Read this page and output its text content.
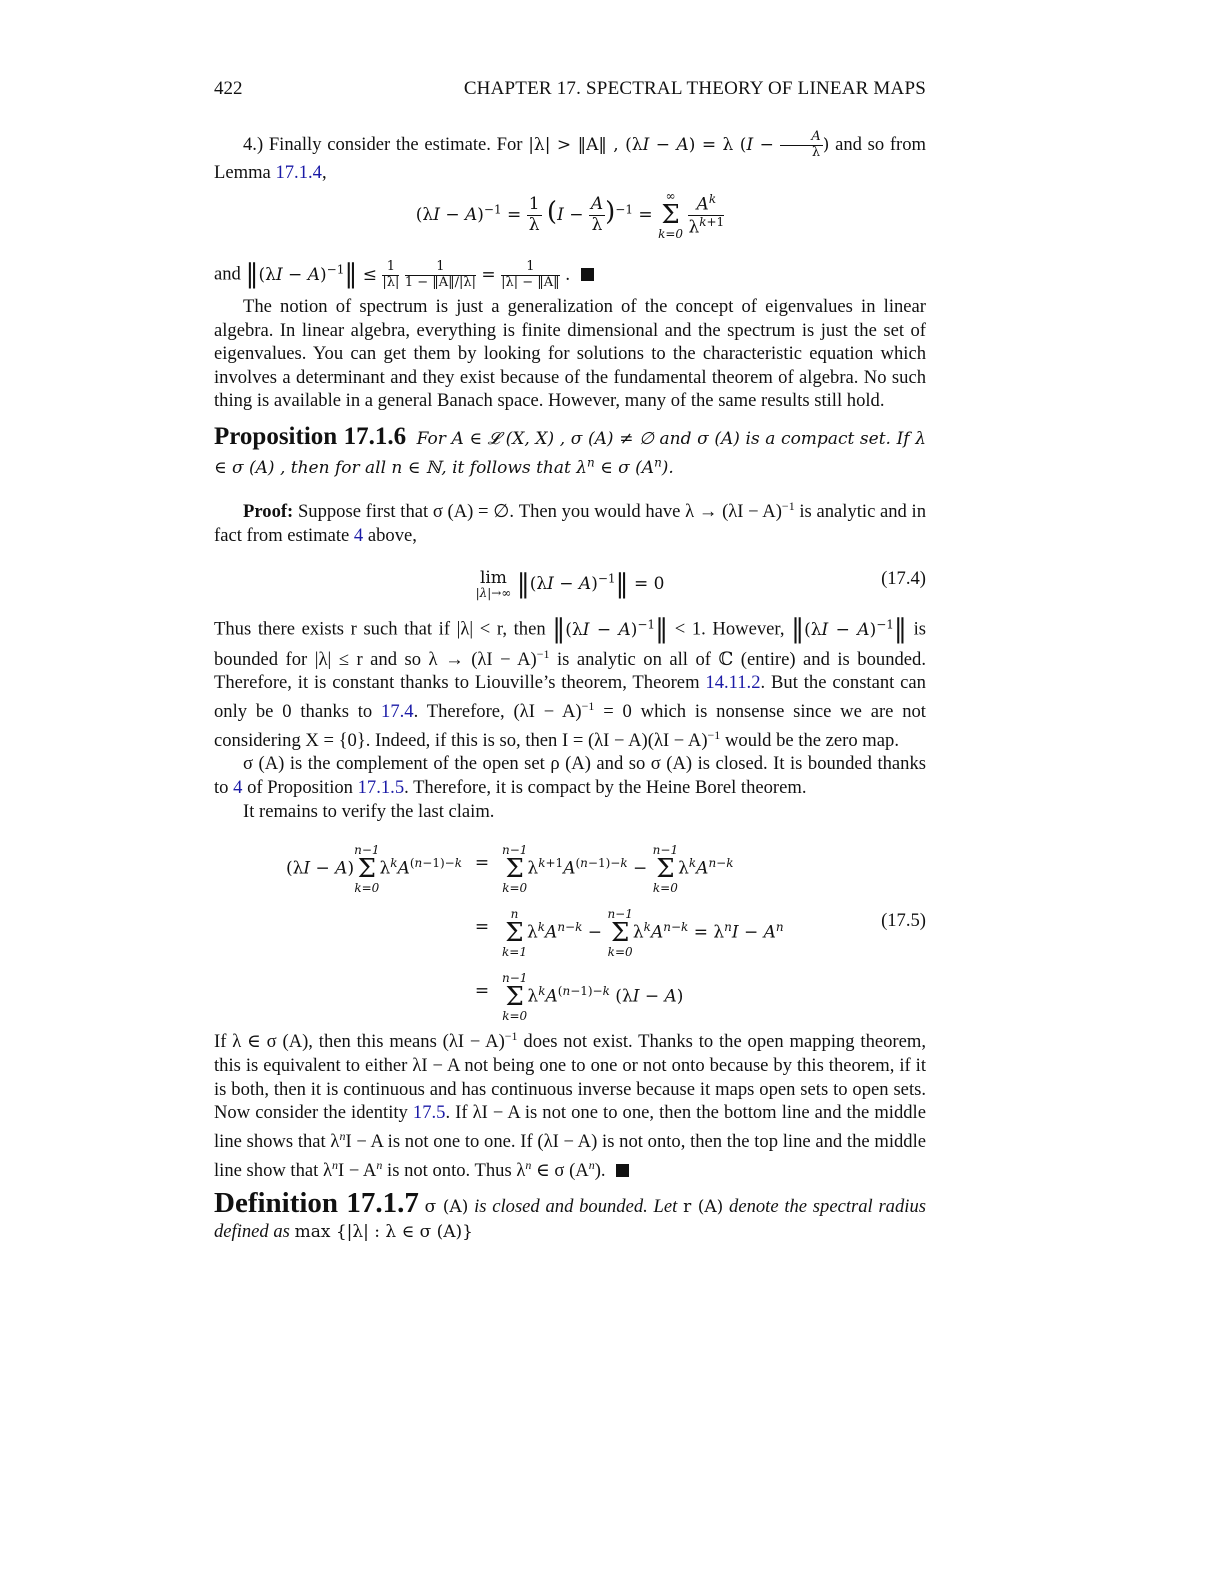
422	CHAPTER 17. SPECTRAL THEORY OF LINEAR MAPS

4.) Finally consider the estimate. For |λ| > ‖A‖ , (λI − A) = λ ($I - \frac{A}{\lambda}$ ) and so from Lemma 17.1.4,

$(\lambda I - A)^{-1} = \frac{1}{\lambda} (I - \frac{A}{\lambda} )^{-1}$ =
∞
Σ
k=0
$\frac{A^k}{\lambda^{k+1}}$

and ‖(λI − A)$^{-1}$‖ ≤ $\frac{1}{|\lambda|}$
$\frac{1}{1 - ‖A‖/|\lambda|} = \frac{1}{|\lambda| - ‖A‖}$ .

The notion of spectrum is just a generalization of the concept of eigenvalues in linear algebra. In linear algebra, everything is finite dimensional and the spectrum is just the set of eigenvalues. You can get them by looking for solutions to the characteristic equation which involves a determinant and they exist because of the fundamental theorem of algebra. No such thing is available in a general Banach space. However, many of the same results still hold.

Proposition 17.1.6  For A ∈ 𝓛 (X, X) , σ (A) ≠ ∅ and σ (A) is a compact set. If λ ∈ σ (A) , then for all n ∈ ℕ, it follows that $\lambda^n$ ∈ σ $(A^n)$.

Proof: Suppose first that σ (A) = ∅. Then you would have $\lambda \to (\lambda I - A)^{-1}$ is analytic and in fact from estimate 4 above,

lim
|λ|→∞ ‖(λI − A)$^{-1}$‖ = 0	(17.4)

Thus there exists r such that if |λ| < r, then ‖(λI − A)$^{-1}$‖ < 1. However, ‖(λI − A)$^{-1}$‖ is bounded for |λ| ≤ r and so $\lambda \to (\lambda I - A)^{-1}$ is analytic on all of ℂ (entire) and is bounded. Therefore, it is constant thanks to Liouville’s theorem, Theorem 14.11.2. But the constant can only be 0 thanks to 17.4. Therefore, $(\lambda I - A)^{-1} = 0$ which is nonsense since we are not considering X = {0}. Indeed, if this is so, then $I = (\lambda I - A)(\lambda I - A)^{-1}$ would be the zero map.

σ (A) is the complement of the open set ρ (A) and so σ (A) is closed. It is bounded thanks to 4 of Proposition 17.1.5. Therefore, it is compact by the Heine Borel theorem.

It remains to verify the last claim.

(λI − A)
n−1
Σ
k=0
$\lambda^kA^{(n-1)-k}$ =
n−1
Σ
k=0
$\lambda^{k+1}A^{(n-1)-k}$ −
n−1
Σ
k=0
$\lambda^kA^{n-k}$
=
n
Σ
k=1
$\lambda^kA^{n-k}$ −
n−1
Σ
k=0
$\lambda^kA^{n-k} = \lambda^nI - A^n$
=
n−1
Σ
k=0
$\lambda^kA^{(n-1)-k}$ (λI − A)
(17.5)

If λ ∈ σ (A), then this means $(\lambda I - A)^{-1}$ does not exist. Thanks to the open mapping theorem, this is equivalent to either λI − A not being one to one or not onto because by this theorem, if it is both, then it is continuous and has continuous inverse because it maps open sets to open sets. Now consider the identity 17.5. If λI − A is not one to one, then the bottom line and the middle line shows that $\lambda^nI - A$ is not one to one. If (λI − A) is not onto, then the top line and the middle line show that $\lambda^nI - A^n$ is not onto. Thus $\lambda^n$ ∈ σ $(A^n)$.

Definition 17.1.7 σ (A) is closed and bounded. Let r (A) denote the spectral radius defined as max {|λ| : λ ∈ σ (A)}
